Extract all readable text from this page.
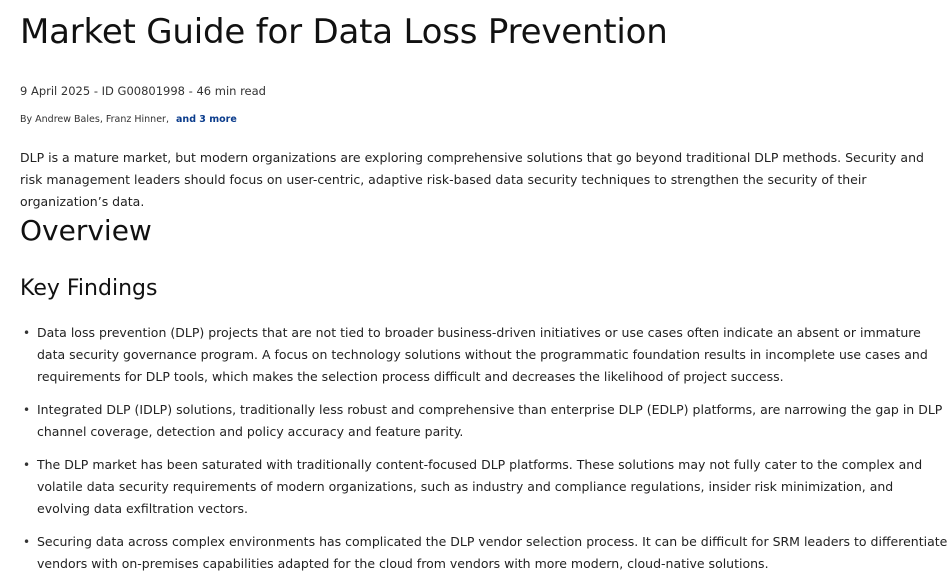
Market Guide for Data Loss Prevention
9 April 2025 - ID G00801998 - 46 min read
By Andrew Bales, Franz Hinner, and 3 more

DLP is a mature market, but modern organizations are exploring comprehensive solutions that go beyond traditional DLP methods. Security and risk management leaders should focus on user-centric, adaptive risk-based data security techniques to strengthen the security of their organization’s data.

Overview
Key Findings
• Data loss prevention (DLP) projects that are not tied to broader business-driven initiatives or use cases often indicate an absent or immature data security governance program. A focus on technology solutions without the programmatic foundation results in incomplete use cases and requirements for DLP tools, which makes the selection process difficult and decreases the likelihood of project success.
• Integrated DLP (IDLP) solutions, traditionally less robust and comprehensive than enterprise DLP (EDLP) platforms, are narrowing the gap in DLP channel coverage, detection and policy accuracy and feature parity.
• The DLP market has been saturated with traditionally content-focused DLP platforms. These solutions may not fully cater to the complex and volatile data security requirements of modern organizations, such as industry and compliance regulations, insider risk minimization, and evolving data exfiltration vectors.
• Securing data across complex environments has complicated the DLP vendor selection process. It can be difficult for SRM leaders to differentiate vendors with on-premises capabilities adapted for the cloud from vendors with more modern, cloud-native solutions.
